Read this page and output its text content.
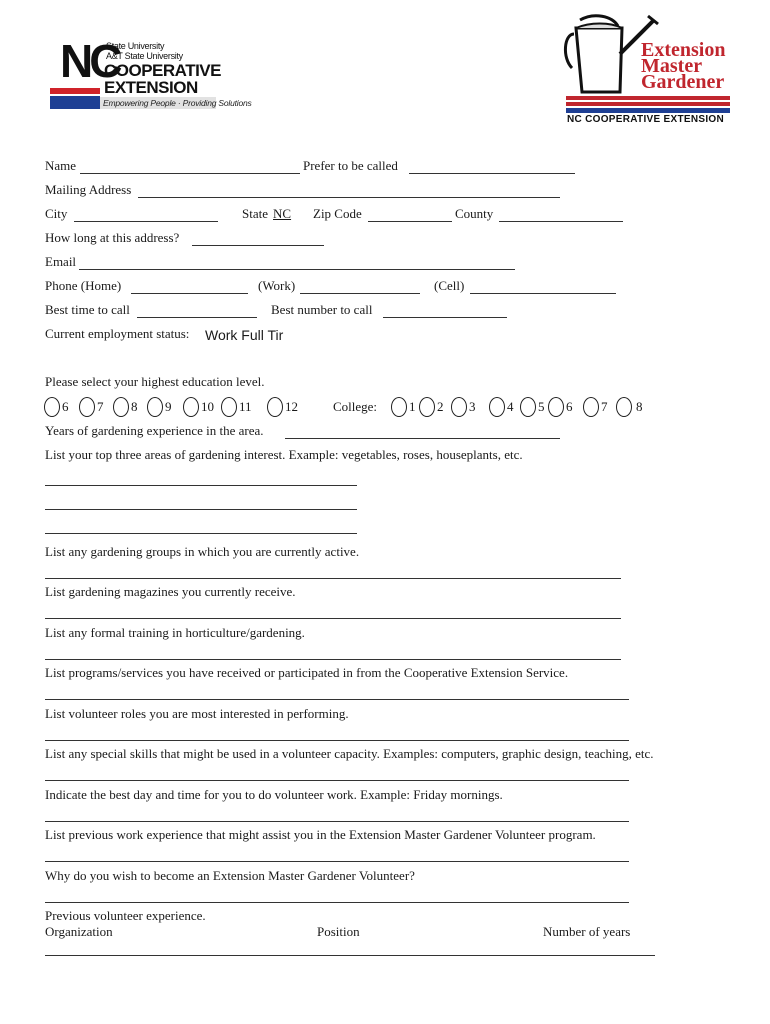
NC
State University
A&T State University
COOPERATIVE
EXTENSION
Empowering People · Providing Solutions
Extension
Master
Gardener
NC COOPERATIVE EXTENSION
Name	Prefer to be called
Mailing Address
City	State NC Zip Code	County
How long at this address?
Email
Phone (Home)	(Work)	(Cell)
Best time to call	Best number to call
Current employment status: Work Full Tir
Please select your highest education level.
6 7 8 9 10 11	12	College: 1 2 3 4 5 6 7 8
Years of gardening experience in the area.
List your top three areas of gardening interest. Example: vegetables, roses, houseplants, etc.
List any gardening groups in which you are currently active.
List gardening magazines you currently receive.
List any formal training in horticulture/gardening.
List programs/services you have received or participated in from the Cooperative Extension Service.
List volunteer roles you are most interested in performing.
List any special skills that might be used in a volunteer capacity. Examples: computers, graphic design, teaching, etc.
Indicate the best day and time for you to do volunteer work. Example: Friday mornings.
List previous work experience that might assist you in the Extension Master Gardener Volunteer program.
Why do you wish to become an Extension Master Gardener Volunteer?
Previous volunteer experience.
Organization	Position	Number of years
